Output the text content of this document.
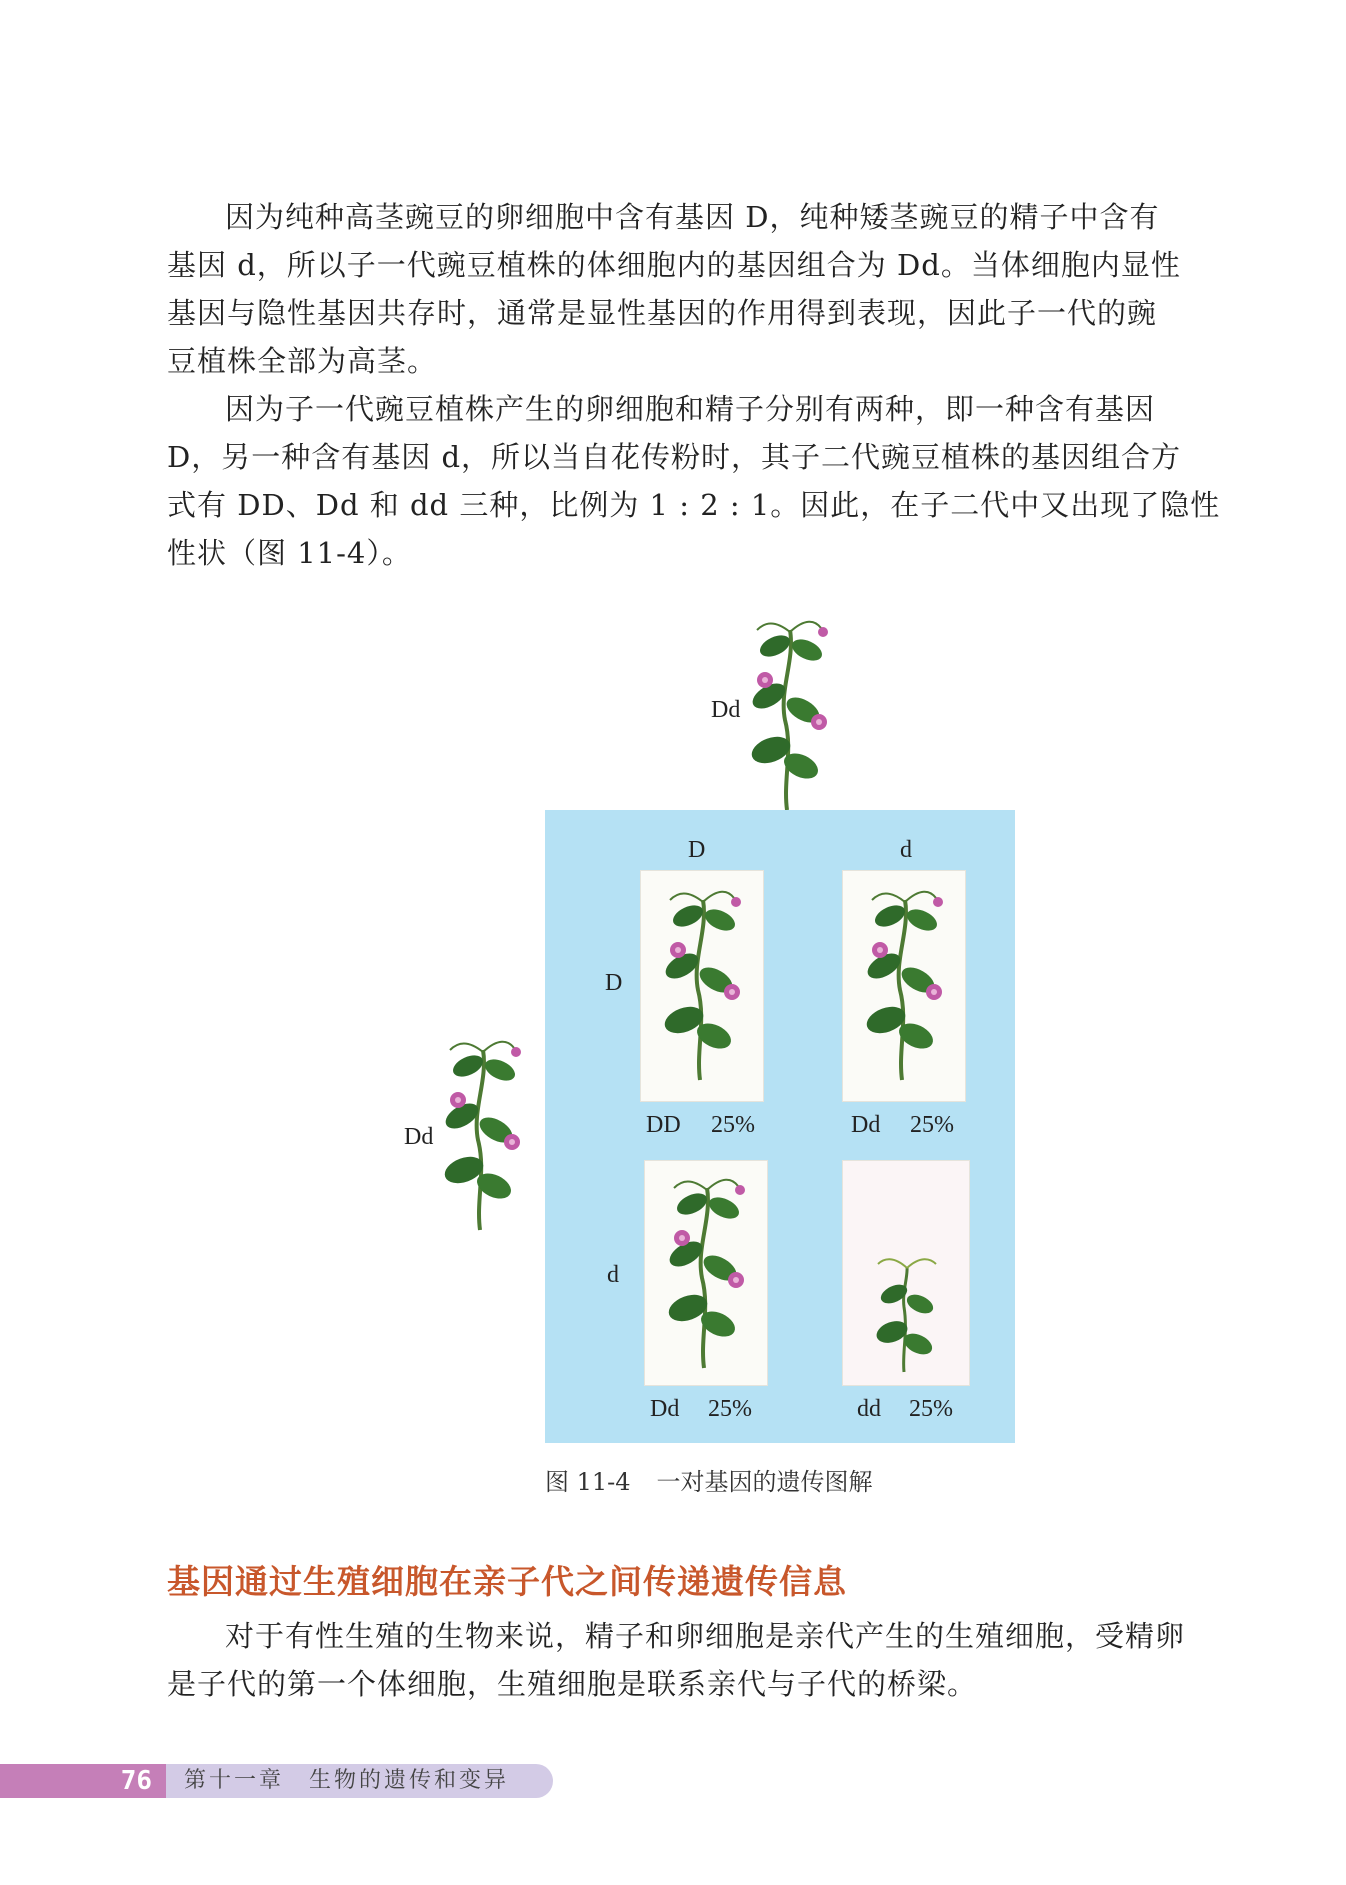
因为纯种高茎豌豆的卵细胞中含有基因 D，纯种矮茎豌豆的精子中含有
基因 d，所以子一代豌豆植株的体细胞内的基因组合为 Dd。当体细胞内显性
基因与隐性基因共存时，通常是显性基因的作用得到表现，因此子一代的豌
豆植株全部为高茎。
因为子一代豌豆植株产生的卵细胞和精子分别有两种，即一种含有基因
D，另一种含有基因 d，所以当自花传粉时，其子二代豌豆植株的基因组合方
式有 DD、Dd 和 dd 三种，比例为 1 : 2 : 1。因此，在子二代中又出现了隐性
性状（图 11-4）。
Dd
Dd
D	d
D
d
DD 25%	Dd 25%
Dd 25%	dd 25%
图 11-4 一对基因的遗传图解
基因通过生殖细胞在亲子代之间传递遗传信息
对于有性生殖的生物来说，精子和卵细胞是亲代产生的生殖细胞，受精卵
是子代的第一个体细胞，生殖细胞是联系亲代与子代的桥梁。
76	第十一章　生物的遗传和变异
